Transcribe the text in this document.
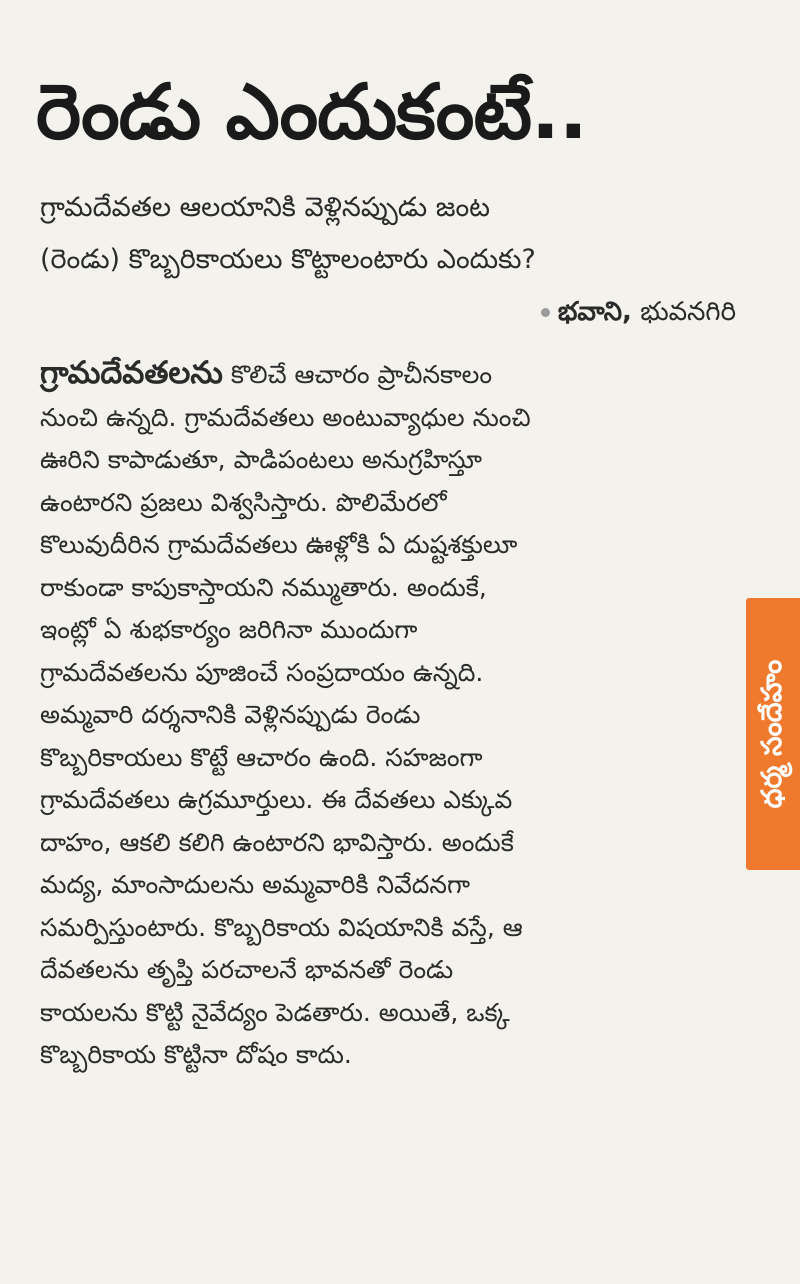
రెండు ఎందుకంటే..
గ్రామదేవతల ఆలయానికి వెళ్లినప్పుడు జంట
(రెండు) కొబ్బరికాయలు కొట్టాలంటారు ఎందుకు?
భవాని, భువనగిరి
గ్రామదేవతలను కొలిచే ఆచారం ప్రాచీనకాలం
నుంచి ఉన్నది. గ్రామదేవతలు అంటువ్యాధుల నుంచి
ఊరిని కాపాడుతూ, పాడిపంటలు అనుగ్రహిస్తూ
ఉంటారని ప్రజలు విశ్వసిస్తారు. పొలిమేరలో
కొలువుదీరిన గ్రామదేవతలు ఊళ్లోకి ఏ దుష్టశక్తులూ
రాకుండా కాపుకాస్తాయని నమ్ముతారు. అందుకే,
ఇంట్లో ఏ శుభకార్యం జరిగినా ముందుగా
గ్రామదేవతలను పూజించే సంప్రదాయం ఉన్నది.
అమ్మవారి దర్శనానికి వెళ్లినప్పుడు రెండు
కొబ్బరికాయలు కొట్టే ఆచారం ఉంది. సహజంగా
గ్రామదేవతలు ఉగ్రమూర్తులు. ఈ దేవతలు ఎక్కువ
దాహం, ఆకలి కలిగి ఉంటారని భావిస్తారు. అందుకే
మద్య, మాంసాదులను అమ్మవారికి నివేదనగా
సమర్పిస్తుంటారు. కొబ్బరికాయ విషయానికి వస్తే, ఆ
దేవతలను తృప్తి పరచాలనే భావనతో రెండు
కాయలను కొట్టి నైవేద్యం పెడతారు. అయితే, ఒక్క
కొబ్బరికాయ కొట్టినా దోషం కాదు.
ధర్మ సందేహం
